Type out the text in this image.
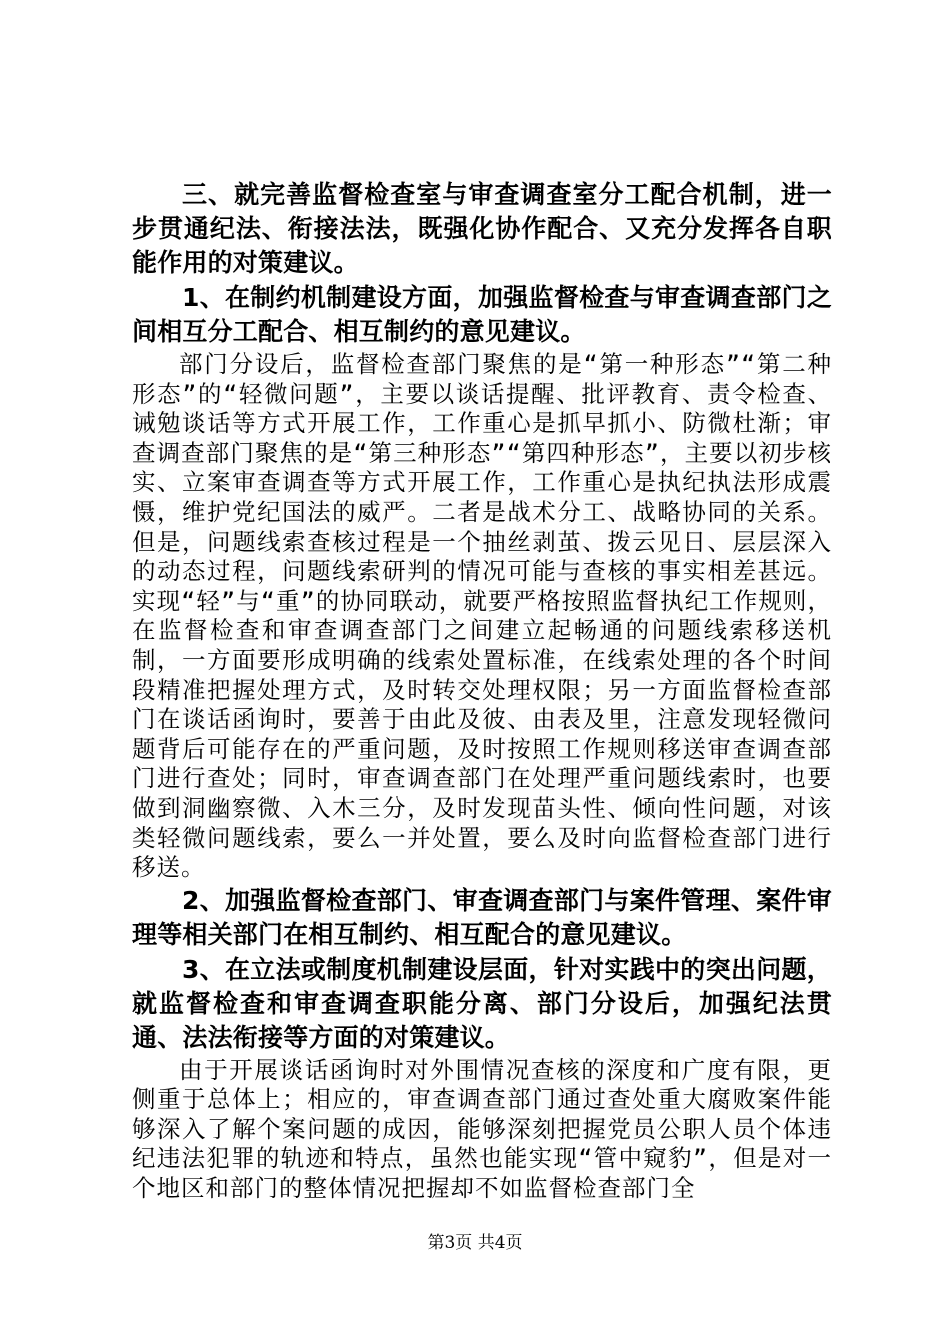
三、就完善监督检查室与审查调查室分工配合机制，进一步贯通纪法、衔接法法，既强化协作配合、又充分发挥各自职能作用的对策建议。

1、在制约机制建设方面，加强监督检查与审查调查部门之间相互分工配合、相互制约的意见建议。

部门分设后，监督检查部门聚焦的是“第一种形态”“第二种形态”的“轻微问题”，主要以谈话提醒、批评教育、责令检查、诫勉谈话等方式开展工作，工作重心是抓早抓小、防微杜渐；审查调查部门聚焦的是“第三种形态”“第四种形态”，主要以初步核实、立案审查调查等方式开展工作，工作重心是执纪执法形成震慑，维护党纪国法的威严。二者是战术分工、战略协同的关系。但是，问题线索查核过程是一个抽丝剥茧、拨云见日、层层深入的动态过程，问题线索研判的情况可能与查核的事实相差甚远。实现“轻”与“重”的协同联动，就要严格按照监督执纪工作规则，在监督检查和审查调查部门之间建立起畅通的问题线索移送机制，一方面要形成明确的线索处置标准，在线索处理的各个时间段精准把握处理方式，及时转交处理权限；另一方面监督检查部门在谈话函询时，要善于由此及彼、由表及里，注意发现轻微问题背后可能存在的严重问题，及时按照工作规则移送审查调查部门进行查处；同时，审查调查部门在处理严重问题线索时，也要做到洞幽察微、入木三分，及时发现苗头性、倾向性问题，对该类轻微问题线索，要么一并处置，要么及时向监督检查部门进行移送。

2、加强监督检查部门、审查调查部门与案件管理、案件审理等相关部门在相互制约、相互配合的意见建议。

3、在立法或制度机制建设层面，针对实践中的突出问题，就监督检查和审查调查职能分离、部门分设后，加强纪法贯通、法法衔接等方面的对策建议。

由于开展谈话函询时对外围情况查核的深度和广度有限，更侧重于总体上；相应的，审查调查部门通过查处重大腐败案件能够深入了解个案问题的成因，能够深刻把握党员公职人员个体违纪违法犯罪的轨迹和特点，虽然也能实现“管中窥豹”，但是对一个地区和部门的整体情况把握却不如监督检查部门全

第3页 共4页
